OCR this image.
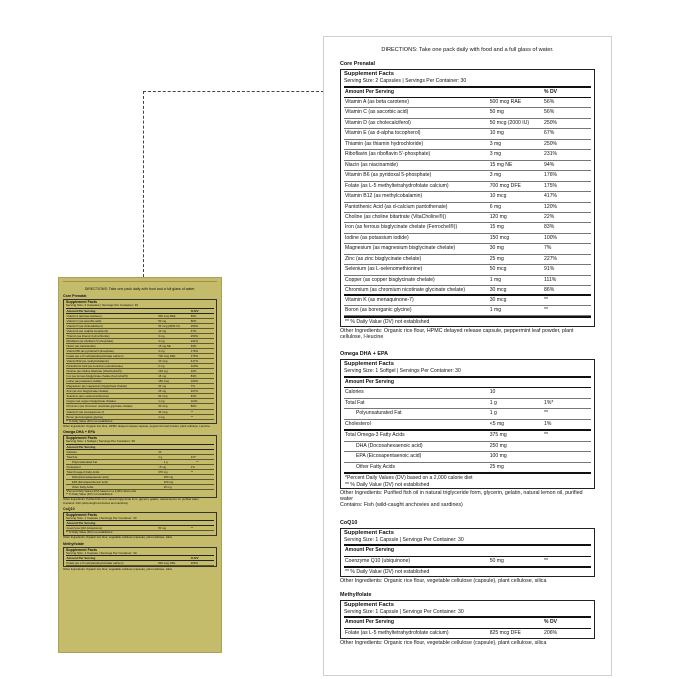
DIRECTIONS: Take one pack daily with food and a full glass of water.

Core Prenatal
Supplement Facts
Serving Size: 2 Capsules | Servings Per Container: 30
Amount Per Serving	% DV
Vitamin A (as beta carotene)	500 mcg RAE	56%
Vitamin C (as ascorbic acid)	50 mg	56%
Vitamin D (as cholecalciferol)	50 mcg (2000 IU)	250%
Vitamin E (as d-alpha tocopherol)	10 mg	67%
Thiamin (as thiamin hydrochloride)	3 mg	250%
Riboflavin (as riboflavin 5’-phosphate)	3 mg	231%
Niacin (as niacinamide)	15 mg NE	94%
Vitamin B6 (as pyridoxal 5-phosphate)	3 mg	176%
Folate (as L-5 methyltetrahydrofolate calcium)	700 mcg DFE	175%
Vitamin B12 (as methylcobalamin)	10 mcg	417%
Pantothenic Acid (as d-calcium pantothenate)	6 mg	120%
Choline (as choline bitartrate (VitaCholine®))	120 mg	22%
Iron (as ferrous bisglycinate chelate (Ferrochel®))	15 mg	83%
Iodine (as potassium iodide)	150 mcg	100%
Magnesium (as magnesium bisglycinate chelate)	30 mg	7%
Zinc (as zinc bisglycinate chelate)	25 mg	227%
Selenium (as L-selenomethionine)	50 mcg	91%
Copper (as copper bisglycinate chelate)	1 mg	111%
Chromium (as chromium nicotinate glycinate chelate)	30 mcg	86%
Vitamin K (as menaquinone-7)	30 mcg	**
Boron (as borerganic glycine)	1 mg	**
** % Daily Value (DV) not established
Other Ingredients: Organic rice flour, HPMC delayed release capsule, peppermint leaf powder, plant cellulose, l-leucine
Omega DHA + EPA
Supplement Facts
Serving Size: 1 Softgel | Servings Per Container: 30
Amount Per Serving
Calories	10
Total Fat	1 g	1%*
Polyunsaturated Fat	1 g	**
Cholesterol	<5 mg	1%
Total Omega-3 Fatty Acids	375 mg	**
DHA (Docosahexaenoic acid)	250 mg
EPA (Eicosapentaenoic acid)	100 mg
Other Fatty Acids	25 mg
*Percent Daily Values (DV) based on a 2,000 calorie diet
** % Daily Value (DV) not established
Other Ingredients: Purified fish oil in natural triglyceride form, glycerin, gelatin, natural lemon oil, purified water
Contains: Fish (wild-caught anchovies and sardines)
CoQ10
Supplement Facts
Serving Size: 1 Capsule | Servings Per Container: 30
Amount Per Serving
Coenzyme Q10 (ubiquinone)	50 mg	**
** % Daily Value (DV) not established
Other Ingredients: Organic rice flour, vegetable cellulose (capsule), plant cellulose, silica
Methylfolate
Supplement Facts
Serving Size: 1 Capsule | Servings Per Container: 30
Amount Per Serving	% DV
Folate (as L-5 methyltetrahydrofolate calcium)	825 mcg DFE	206%
Other Ingredients: Organic rice flour, vegetable cellulose (capsule), plant cellulose, silica

DIRECTIONS: Take one pack daily with food and a full glass of water.

Core Prenatal
Supplement Facts
Serving Size: 2 Capsules | Servings Per Container: 30
Amount Per Serving	% DV
Vitamin A (as beta carotene)	500 mcg RAE	56%
Vitamin C (as ascorbic acid)	50 mg	56%
Vitamin D (as cholecalciferol)	50 mcg (2000 IU)	250%
Vitamin E (as d-alpha tocopherol)	10 mg	67%
Thiamin (as thiamin hydrochloride)	3 mg	250%
Riboflavin (as riboflavin 5’-phosphate)	3 mg	231%
Niacin (as niacinamide)	15 mg NE	94%
Vitamin B6 (as pyridoxal 5-phosphate)	3 mg	176%
Folate (as L-5 methyltetrahydrofolate calcium)	700 mcg DFE	175%
Vitamin B12 (as methylcobalamin)	10 mcg	417%
Pantothenic Acid (as d-calcium pantothenate)	6 mg	120%
Choline (as choline bitartrate (VitaCholine®))	120 mg	22%
Iron (as ferrous bisglycinate chelate (Ferrochel®))	15 mg	83%
Iodine (as potassium iodide)	150 mcg	100%
Magnesium (as magnesium bisglycinate chelate)	30 mg	7%
Zinc (as zinc bisglycinate chelate)	25 mg	227%
Selenium (as L-selenomethionine)	50 mcg	91%
Copper (as copper bisglycinate chelate)	1 mg	111%
Chromium (as chromium nicotinate glycinate chelate)	30 mcg	86%
Vitamin K (as menaquinone-7)	30 mcg	**
Boron (as borerganic glycine)	1 mg	**
** % Daily Value (DV) not established
Other Ingredients: Organic rice flour, HPMC delayed release capsule, peppermint leaf powder, plant cellulose, l-leucine
Omega DHA + EPA
Supplement Facts
Serving Size: 1 Softgel | Servings Per Container: 30
Amount Per Serving
Calories	10
Total Fat	1 g	1%*
Polyunsaturated Fat	1 g	**
Cholesterol	<5 mg	1%
Total Omega-3 Fatty Acids	375 mg	**
DHA (Docosahexaenoic acid)	250 mg
EPA (Eicosapentaenoic acid)	100 mg
Other Fatty Acids	25 mg
*Percent Daily Values (DV) based on a 2,000 calorie diet
** % Daily Value (DV) not established
Other Ingredients: Purified fish oil in natural triglyceride form, glycerin, gelatin, natural lemon oil, purified water
Contains: Fish (wild-caught anchovies and sardines)
CoQ10
Supplement Facts
Serving Size: 1 Capsule | Servings Per Container: 30
Amount Per Serving
Coenzyme Q10 (ubiquinone)	50 mg	**
** % Daily Value (DV) not established
Other Ingredients: Organic rice flour, vegetable cellulose (capsule), plant cellulose, silica
Methylfolate
Supplement Facts
Serving Size: 1 Capsule | Servings Per Container: 30
Amount Per Serving	% DV
Folate (as L-5 methyltetrahydrofolate calcium)	825 mcg DFE	206%
Other Ingredients: Organic rice flour, vegetable cellulose (capsule), plant cellulose, silica
